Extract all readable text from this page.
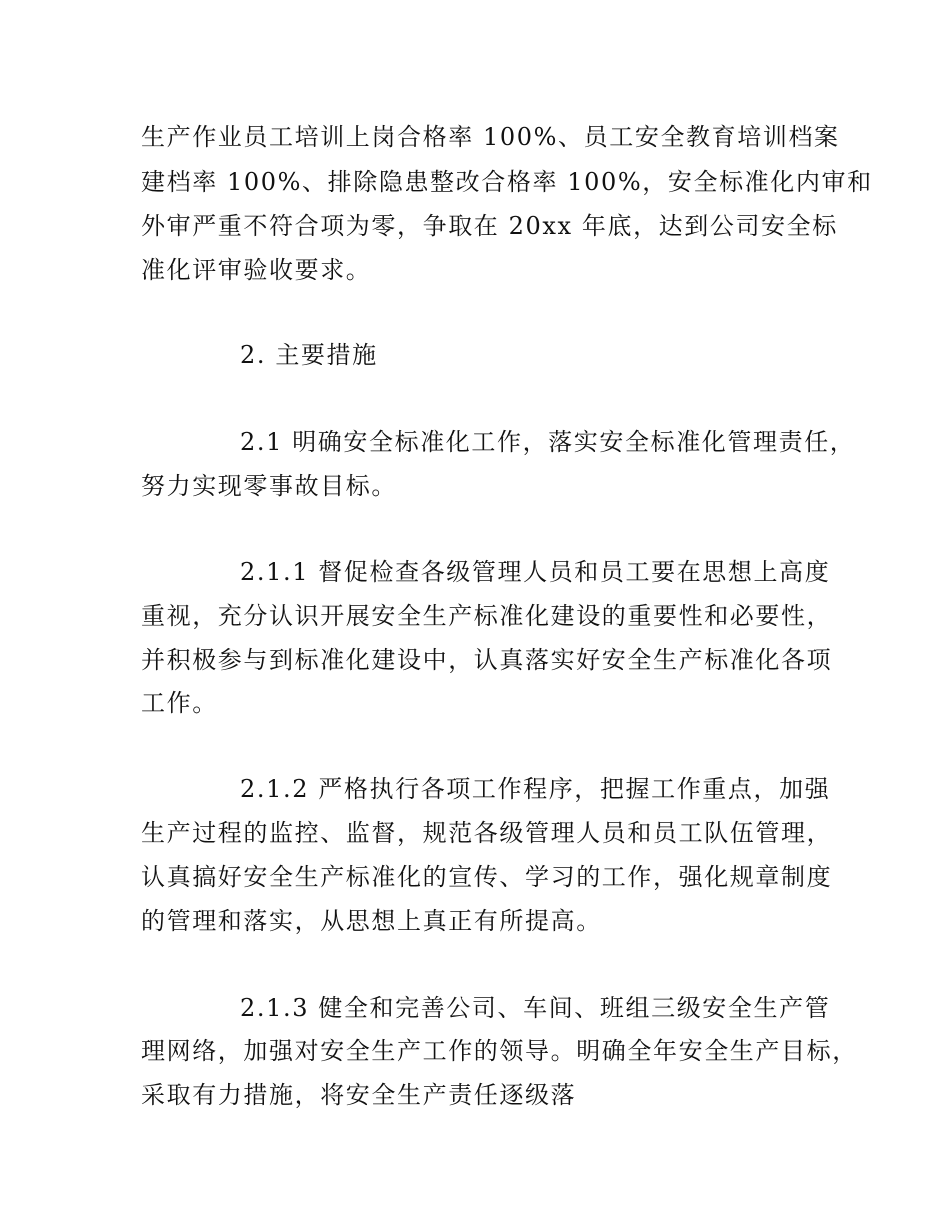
生产作业员工培训上岗合格率 100%、员工安全教育培训档案
建档率 100%、排除隐患整改合格率 100%，安全标准化内审和
外审严重不符合项为零，争取在 20xx 年底，达到公司安全标
准化评审验收要求。
2. 主要措施
2.1 明确安全标准化工作，落实安全标准化管理责任，
努力实现零事故目标。
2.1.1 督促检查各级管理人员和员工要在思想上高度
重视，充分认识开展安全生产标准化建设的重要性和必要性，
并积极参与到标准化建设中，认真落实好安全生产标准化各项
工作。
2.1.2 严格执行各项工作程序，把握工作重点，加强
生产过程的监控、监督，规范各级管理人员和员工队伍管理，
认真搞好安全生产标准化的宣传、学习的工作，强化规章制度
的管理和落实，从思想上真正有所提高。
2.1.3 健全和完善公司、车间、班组三级安全生产管
理网络，加强对安全生产工作的领导。明确全年安全生产目标，
采取有力措施，将安全生产责任逐级落
